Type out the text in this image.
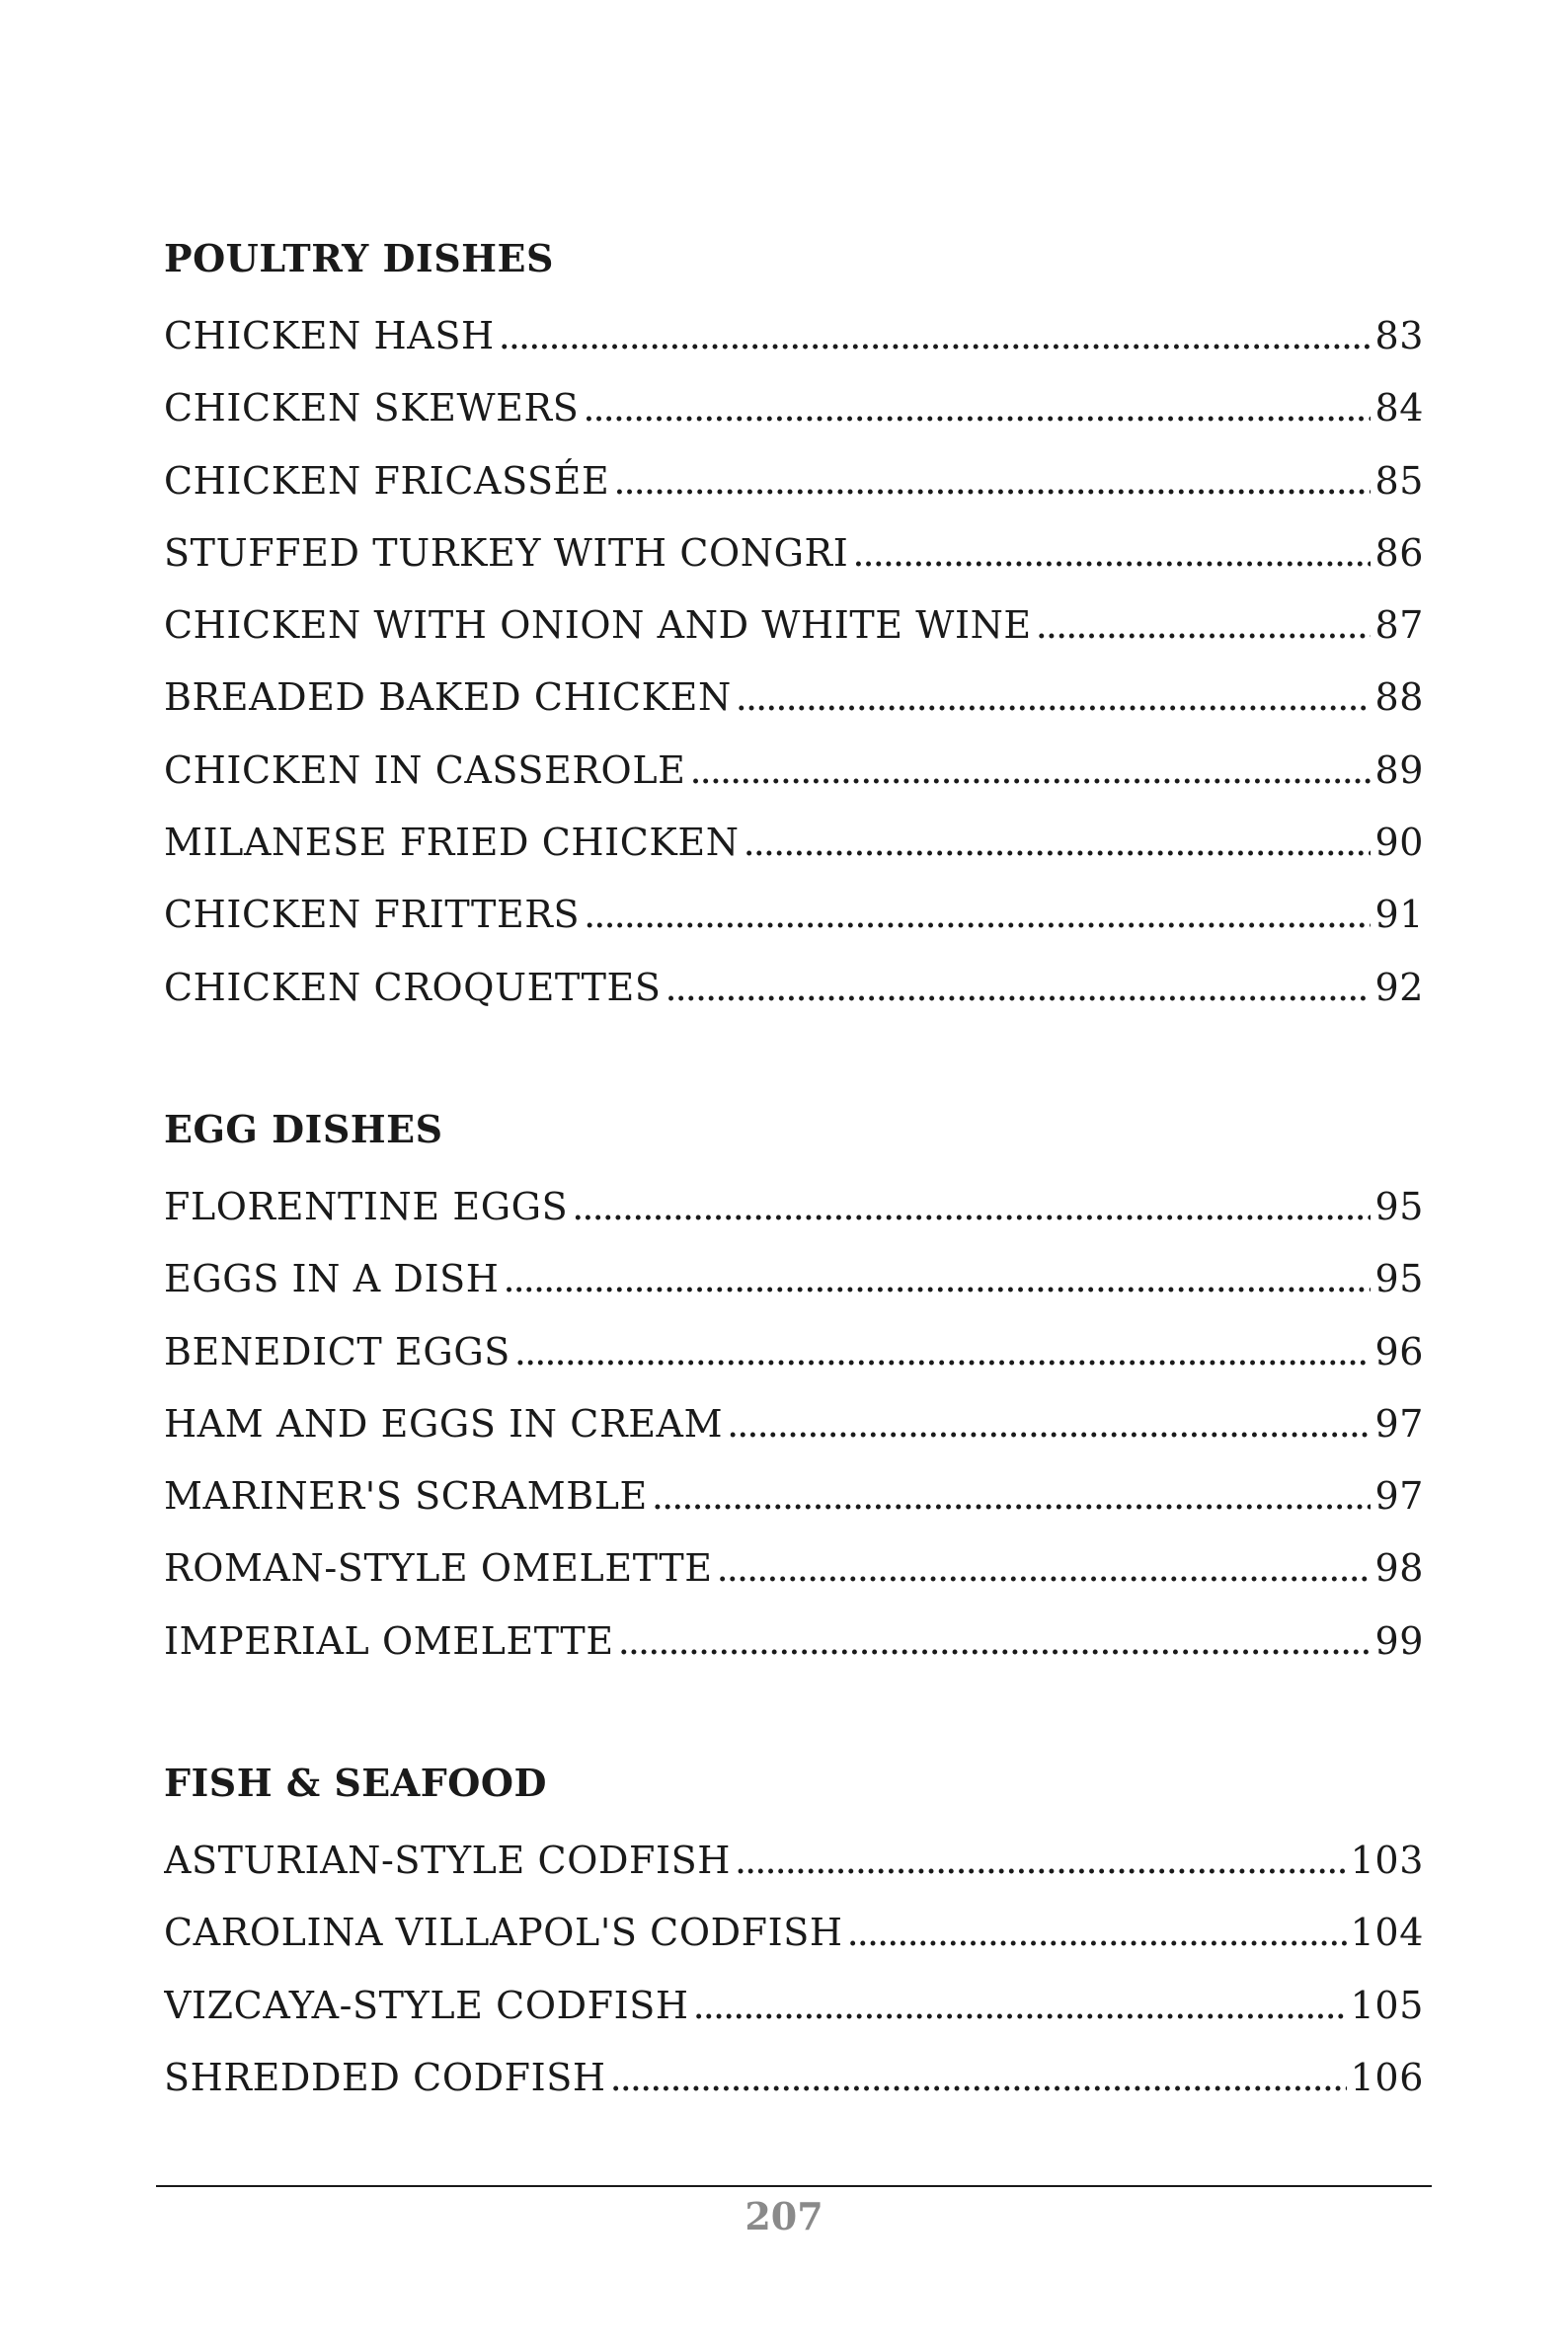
POULTRY DISHES
CHICKEN HASH . . .	83
CHICKEN SKEWERS . . .	84
CHICKEN FRICASSÉE . . .	85
STUFFED TURKEY WITH CONGRI . . .	86
CHICKEN WITH ONION AND WHITE WINE . . .	87
BREADED BAKED CHICKEN . . .	88
CHICKEN IN CASSEROLE . . .	89
MILANESE FRIED CHICKEN . . .	90
CHICKEN FRITTERS . . .	91
CHICKEN CROQUETTES . . .	92
EGG DISHES
FLORENTINE EGGS . . .	95
EGGS IN A DISH . . .	95
BENEDICT EGGS . . .	96
HAM AND EGGS IN CREAM . . .	97
MARINER'S SCRAMBLE . . .	97
ROMAN-STYLE OMELETTE . . .	98
IMPERIAL OMELETTE . . .	99
FISH & SEAFOOD
ASTURIAN-STYLE CODFISH . . .	103
CAROLINA VILLAPOL'S CODFISH . . .	104
VIZCAYA-STYLE CODFISH . . .	105
SHREDDED CODFISH . . .	106
207
